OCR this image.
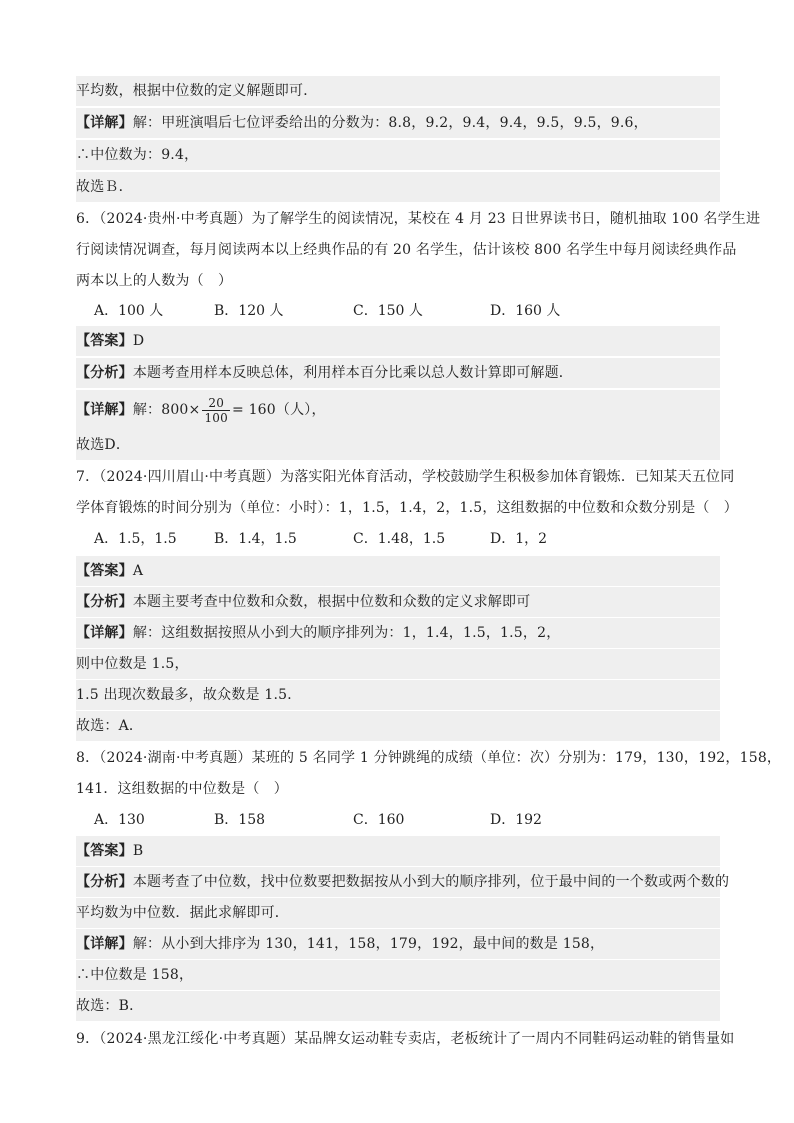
平均数，根据中位数的定义解题即可．
【详解】解：甲班演唱后七位评委给出的分数为：8.8，9.2，9.4，9.4，9.5，9.5，9.6，
∴中位数为：9.4，
故选Ｂ．
6．（2024·贵州·中考真题）为了解学生的阅读情况，某校在 4 月 23 日世界读书日，随机抽取 100 名学生进
行阅读情况调查，每月阅读两本以上经典作品的有 20 名学生，估计该校 800 名学生中每月阅读经典作品
两本以上的人数为（　）
A．100 人	B．120 人	C．150 人	D．160 人
【答案】D
【分析】本题考查用样本反映总体，利用样本百分比乘以总人数计算即可解题．
【详解】解：$800\times \frac{20}{100} = 160$（人），
故选D．
7．（2024·四川眉山·中考真题）为落实阳光体育活动，学校鼓励学生积极参加体育锻炼．已知某天五位同
学体育锻炼的时间分别为（单位：小时）：1，1.5，1.4，2，1.5，这组数据的中位数和众数分别是（　）
A．1.5，1.5	B．1.4，1.5	C．1.48，1.5	D．1，2
【答案】A
【分析】本题主要考查中位数和众数，根据中位数和众数的定义求解即可
【详解】解：这组数据按照从小到大的顺序排列为：1，1.4，1.5，1.5，2，
则中位数是 1.5，
1.5 出现次数最多，故众数是 1.5．
故选：A．
8．（2024·湖南·中考真题）某班的 5 名同学 1 分钟跳绳的成绩（单位：次）分别为：179，130，192，158，
141．这组数据的中位数是（　）
A．130	B．158	C．160	D．192
【答案】B
【分析】本题考查了中位数，找中位数要把数据按从小到大的顺序排列，位于最中间的一个数或两个数的
平均数为中位数．据此求解即可．
【详解】解：从小到大排序为 130，141，158，179，192，最中间的数是 158，
∴中位数是 158，
故选：B．
9．（2024·黑龙江绥化·中考真题）某品牌女运动鞋专卖店，老板统计了一周内不同鞋码运动鞋的销售量如
